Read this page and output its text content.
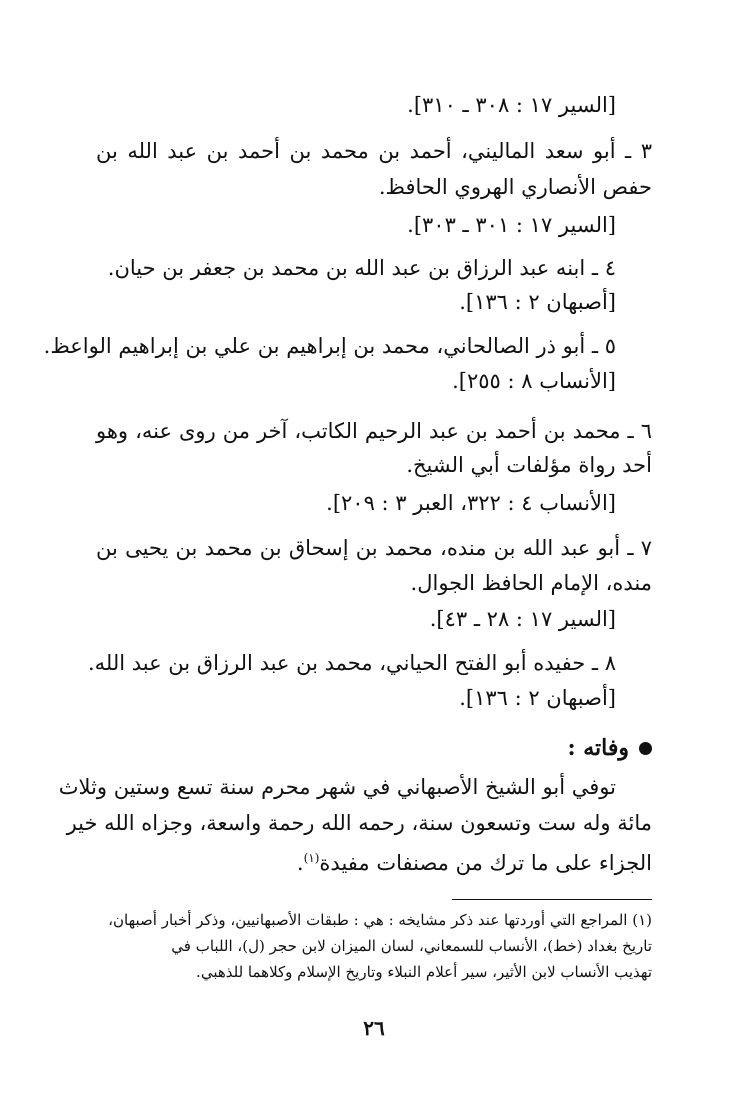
[السير ١٧ : ٣٠٨ ـ ٣١٠].
٣ ـ أبو سعد الماليني، أحمد بن محمد بن أحمد بن عبد الله بن
حفص الأنصاري الهروي الحافظ.
[السير ١٧ : ٣٠١ ـ ٣٠٣].
٤ ـ ابنه عبد الرزاق بن عبد الله بن محمد بن جعفر بن حيان.
[أصبهان ٢ : ١٣٦].
٥ ـ أبو ذر الصالحاني، محمد بن إبراهيم بن علي بن إبراهيم الواعظ.
[الأنساب ٨ : ٢٥٥].
٦ ـ محمد بن أحمد بن عبد الرحيم الكاتب، آخر من روى عنه، وهو
أحد رواة مؤلفات أبي الشيخ.
[الأنساب ٤ : ٣٢٢، العبر ٣ : ٢٠٩].
٧ ـ أبو عبد الله بن منده، محمد بن إسحاق بن محمد بن يحيى بن
منده، الإمام الحافظ الجوال.
[السير ١٧ : ٢٨ ـ ٤٣].
٨ ـ حفيده أبو الفتح الحياني، محمد بن عبد الرزاق بن عبد الله.
[أصبهان ٢ : ١٣٦].
وفاته :
توفي أبو الشيخ الأصبهاني في شهر محرم سنة تسع وستين وثلاث
مائة وله ست وتسعون سنة، رحمه الله رحمة واسعة، وجزاه الله خير
الجزاء على ما ترك من مصنفات مفيدة$^{(١)}$.
(١) المراجع التي أوردتها عند ذكر مشايخه : هي : طبقات الأصبهانيين، وذكر أخبار أصبهان،
تاريخ بغداد (خط)، الأنساب للسمعاني، لسان الميزان لابن حجر (ل)، اللباب في
تهذيب الأنساب لابن الأثير، سير أعلام النبلاء وتاريخ الإسلام وكلاهما للذهبي.
٢٦
